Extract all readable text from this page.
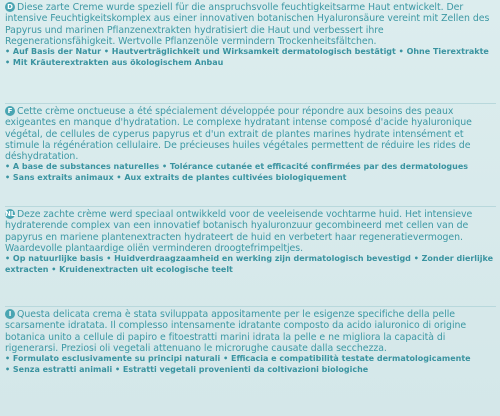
D Diese zarte Creme wurde speziell für die anspruchsvolle feuchtigkeitsarme Haut entwickelt. Der intensive Feuchtigkeitskomplex aus einer innovativen botanischen Hyaluronsäure vereint mit Zellen des Papyrus und marinen Pflanzenextrakten hydratisiert die Haut und verbessert ihre Regenerationsfähigkeit. Wertvolle Pflanzenöle vermindern Trockenheitsfältchen.

• Auf Basis der Natur • Hautverträglichkeit und Wirksamkeit dermatologisch bestätigt • Ohne Tierextrakte • Mit Kräuterextrakten aus ökologischem Anbau

F Cette crème onctueuse a été spécialement développée pour répondre aux besoins des peaux exigeantes en manque d'hydratation. Le complexe hydratant intense composé d'acide hyaluronique végétal, de cellules de cyperus papyrus et d'un extrait de plantes marines hydrate intensément et stimule la régénération cellulaire. De précieuses huiles végétales permettent de réduire les rides de déshydratation.

• A base de substances naturelles • Tolérance cutanée et efficacité confirmées par des dermatologues • Sans extraits animaux • Aux extraits de plantes cultivées biologiquement

NL Deze zachte crème werd speciaal ontwikkeld voor de veeleisende vochtarme huid. Het intensieve hydraterende complex van een innovatief botanisch hyaluronzuur gecombineerd met cellen van de papyrus en mariene plantenextracten hydrateert de huid en verbetert haar regeneratievermogen. Waardevolle plantaardige oliën verminderen droogtefrimpeltjes.

• Op natuurlijke basis • Huidverdraagzaamheid en werking zijn dermatologisch bevestigd • Zonder dierlijke extracten • Kruidenextracten uit ecologische teelt

I Questa delicata crema è stata sviluppata appositamente per le esigenze specifiche della pelle scarsamente idratata. Il complesso intensamente idratante composto da acido ialuronico di origine botanica unito a cellule di papiro e fitoestratti marini idrata la pelle e ne migliora la capacità di rigenerarsi. Preziosi oli vegetali attenuano le microrughe causate dalla secchezza.

• Formulato esclusivamente su principi naturali • Efficacia e compatibilità testate dermatologicamente • Senza estratti animali • Estratti vegetali provenienti da coltivazioni biologiche
